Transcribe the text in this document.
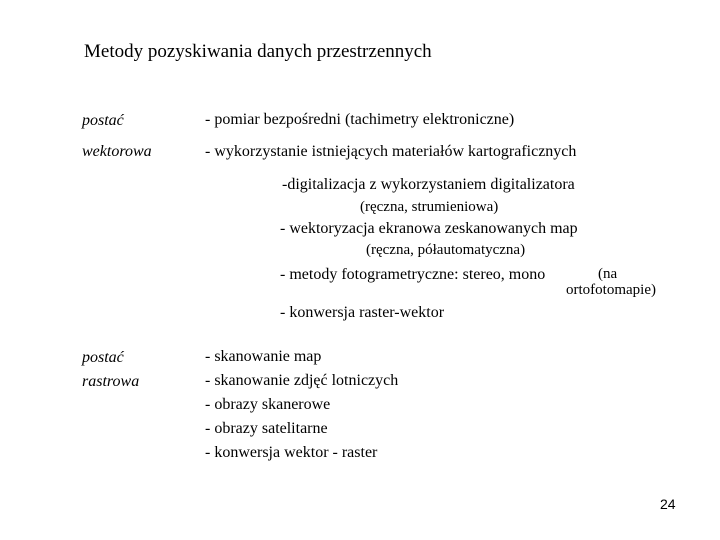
Metody pozyskiwania danych przestrzennych
postać
wektorowa
- pomiar bezpośredni (tachimetry elektroniczne)
- wykorzystanie istniejących materiałów kartograficznych
-digitalizacja z wykorzystaniem digitalizatora
(ręczna, strumieniowa)
- wektoryzacja ekranowa zeskanowanych map
(ręczna, półautomatyczna)
- metody fotogrametryczne: stereo, mono	(na
ortofotomapie)
- konwersja raster-wektor
postać
rastrowa
- skanowanie map
- skanowanie zdjęć lotniczych
- obrazy skanerowe
- obrazy satelitarne
- konwersja wektor - raster
24
